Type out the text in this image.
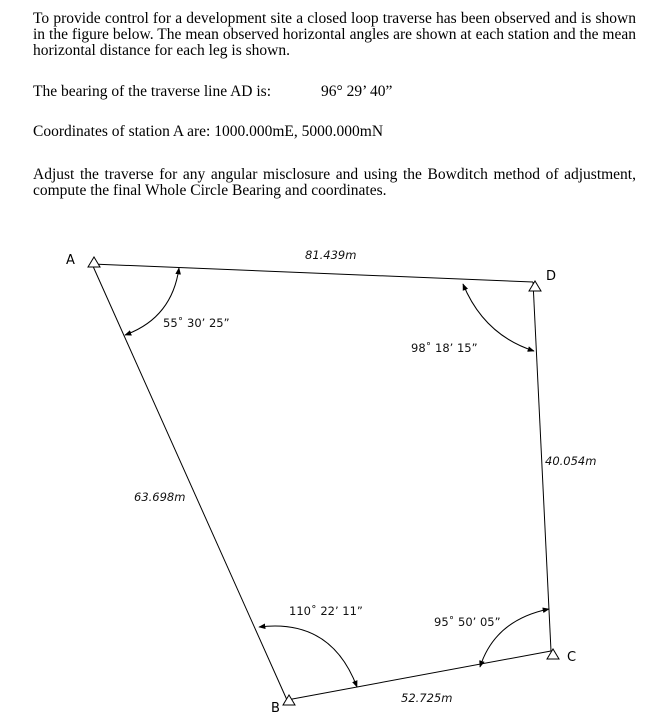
To provide control for a development site a closed loop traverse has been observed and is shown in the figure below. The mean observed horizontal angles are shown at each station and the mean horizontal distance for each leg is shown.

The bearing of the traverse line AD is:	96° 29’ 40”

Coordinates of station A are: 1000.000mE, 5000.000mN

Adjust the traverse for any angular misclosure and using the Bowditch method of adjustment, compute the final Whole Circle Bearing and coordinates.

A
D
C
B
81.439m
63.698m
52.725m
40.054m
55˚ 30’ 25”
98˚ 18’ 15”
110˚ 22’ 11”
95˚ 50’ 05”
